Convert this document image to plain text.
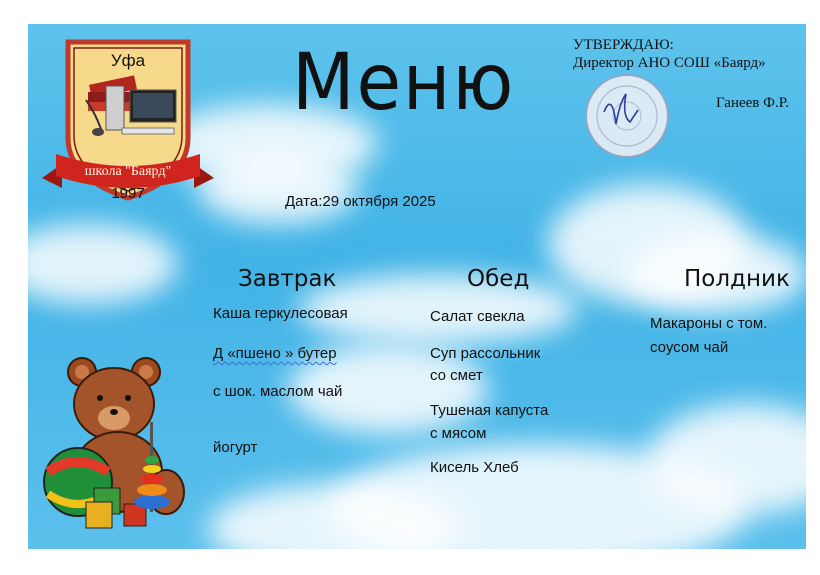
Уфа
школа "Баярд"
1997
Меню	УТВЕРЖДАЮ:
Директор АНО СОШ «Баярд»
Ганеев Ф.Р.
Дата:29 октября 2025
Завтрак
Каша геркулесовая
Д «пшено » бутер
с шок. маслом чай
йогурт
Обед
Салат свекла
Суп рассольник
со смет
Тушеная капуста
с мясом
Кисель Хлеб
Полдник
Макароны с том.
соусом чай
